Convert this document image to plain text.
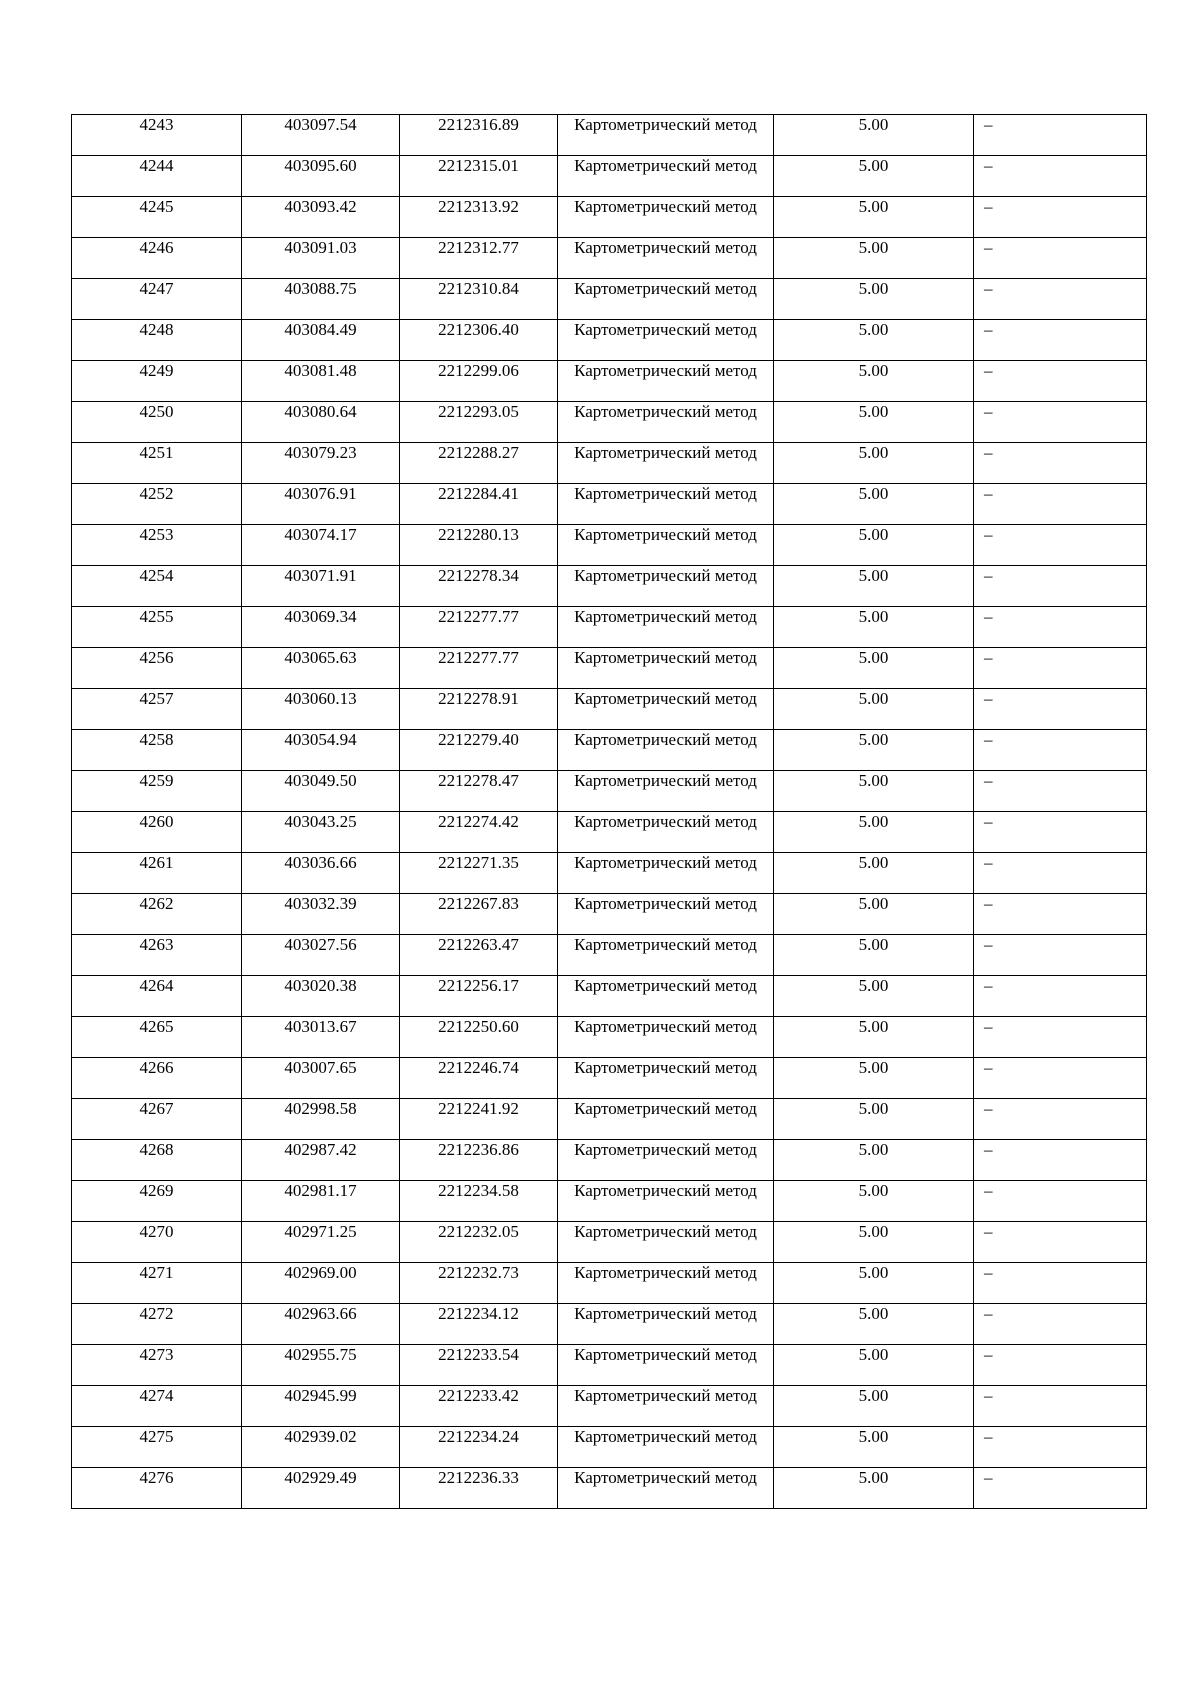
4243	403097.54	2212316.89	Картометрический метод	5.00	–
4244	403095.60	2212315.01	Картометрический метод	5.00	–
4245	403093.42	2212313.92	Картометрический метод	5.00	–
4246	403091.03	2212312.77	Картометрический метод	5.00	–
4247	403088.75	2212310.84	Картометрический метод	5.00	–
4248	403084.49	2212306.40	Картометрический метод	5.00	–
4249	403081.48	2212299.06	Картометрический метод	5.00	–
4250	403080.64	2212293.05	Картометрический метод	5.00	–
4251	403079.23	2212288.27	Картометрический метод	5.00	–
4252	403076.91	2212284.41	Картометрический метод	5.00	–
4253	403074.17	2212280.13	Картометрический метод	5.00	–
4254	403071.91	2212278.34	Картометрический метод	5.00	–
4255	403069.34	2212277.77	Картометрический метод	5.00	–
4256	403065.63	2212277.77	Картометрический метод	5.00	–
4257	403060.13	2212278.91	Картометрический метод	5.00	–
4258	403054.94	2212279.40	Картометрический метод	5.00	–
4259	403049.50	2212278.47	Картометрический метод	5.00	–
4260	403043.25	2212274.42	Картометрический метод	5.00	–
4261	403036.66	2212271.35	Картометрический метод	5.00	–
4262	403032.39	2212267.83	Картометрический метод	5.00	–
4263	403027.56	2212263.47	Картометрический метод	5.00	–
4264	403020.38	2212256.17	Картометрический метод	5.00	–
4265	403013.67	2212250.60	Картометрический метод	5.00	–
4266	403007.65	2212246.74	Картометрический метод	5.00	–
4267	402998.58	2212241.92	Картометрический метод	5.00	–
4268	402987.42	2212236.86	Картометрический метод	5.00	–
4269	402981.17	2212234.58	Картометрический метод	5.00	–
4270	402971.25	2212232.05	Картометрический метод	5.00	–
4271	402969.00	2212232.73	Картометрический метод	5.00	–
4272	402963.66	2212234.12	Картометрический метод	5.00	–
4273	402955.75	2212233.54	Картометрический метод	5.00	–
4274	402945.99	2212233.42	Картометрический метод	5.00	–
4275	402939.02	2212234.24	Картометрический метод	5.00	–
4276	402929.49	2212236.33	Картометрический метод	5.00	–
